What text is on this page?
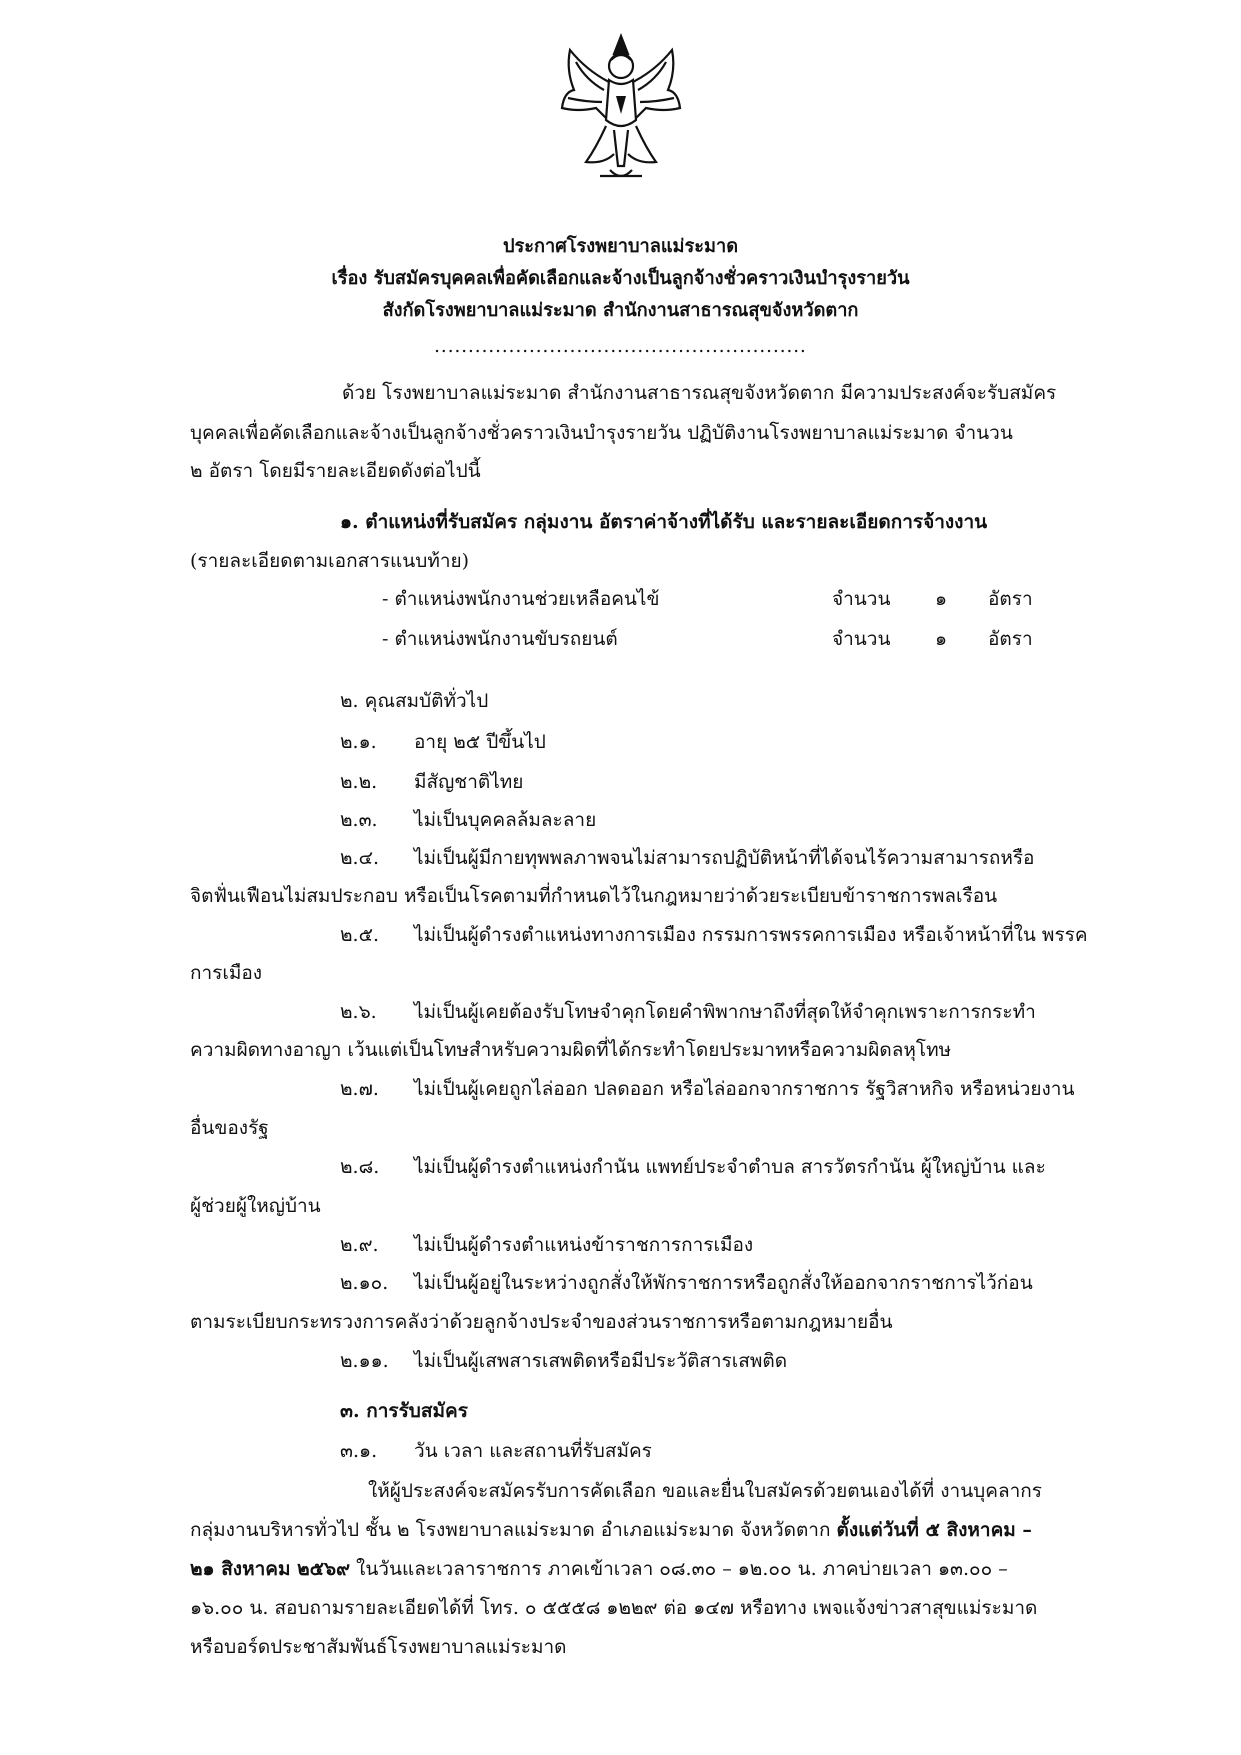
ประกาศโรงพยาบาลแม่ระมาด
เรื่อง รับสมัครบุคคลเพื่อคัดเลือกและจ้างเป็นลูกจ้างชั่วคราวเงินบำรุงรายวัน
สังกัดโรงพยาบาลแม่ระมาด สำนักงานสาธารณสุขจังหวัดตาก
.......................................................
ด้วย โรงพยาบาลแม่ระมาด สำนักงานสาธารณสุขจังหวัดตาก มีความประสงค์จะรับสมัคร
บุคคลเพื่อคัดเลือกและจ้างเป็นลูกจ้างชั่วคราวเงินบำรุงรายวัน ปฏิบัติงานโรงพยาบาลแม่ระมาด จำนวน
๒ อัตรา โดยมีรายละเอียดดังต่อไปนี้
๑. ตำแหน่งที่รับสมัคร กลุ่มงาน อัตราค่าจ้างที่ได้รับ และรายละเอียดการจ้างงาน
(รายละเอียดตามเอกสารแนบท้าย)
- ตำแหน่งพนักงานช่วยเหลือคนไข้	จำนวน ๑ อัตรา
- ตำแหน่งพนักงานขับรถยนต์	จำนวน ๑ อัตรา
๒. คุณสมบัติทั่วไป
๒.๑. อายุ ๒๕ ปีขึ้นไป
๒.๒. มีสัญชาติไทย
๒.๓. ไม่เป็นบุคคลล้มละลาย
๒.๔. ไม่เป็นผู้มีกายทุพพลภาพจนไม่สามารถปฏิบัติหน้าที่ได้จนไร้ความสามารถหรือ
จิตฟั่นเฟือนไม่สมประกอบ หรือเป็นโรคตามที่กำหนดไว้ในกฎหมายว่าด้วยระเบียบข้าราชการพลเรือน
๒.๕. ไม่เป็นผู้ดำรงตำแหน่งทางการเมือง กรรมการพรรคการเมือง หรือเจ้าหน้าที่ใน พรรค
การเมือง
๒.๖. ไม่เป็นผู้เคยต้องรับโทษจำคุกโดยคำพิพากษาถึงที่สุดให้จำคุกเพราะการกระทำ
ความผิดทางอาญา เว้นแต่เป็นโทษสำหรับความผิดที่ได้กระทำโดยประมาทหรือความผิดลหุโทษ
๒.๗. ไม่เป็นผู้เคยถูกไล่ออก ปลดออก หรือไล่ออกจากราชการ รัฐวิสาหกิจ หรือหน่วยงาน
อื่นของรัฐ
๒.๘. ไม่เป็นผู้ดำรงตำแหน่งกำนัน แพทย์ประจำตำบล สารวัตรกำนัน ผู้ใหญ่บ้าน และ
ผู้ช่วยผู้ใหญ่บ้าน
๒.๙. ไม่เป็นผู้ดำรงตำแหน่งข้าราชการการเมือง
๒.๑๐. ไม่เป็นผู้อยู่ในระหว่างถูกสั่งให้พักราชการหรือถูกสั่งให้ออกจากราชการไว้ก่อน
ตามระเบียบกระทรวงการคลังว่าด้วยลูกจ้างประจำของส่วนราชการหรือตามกฎหมายอื่น
๒.๑๑. ไม่เป็นผู้เสพสารเสพติดหรือมีประวัติสารเสพติด
๓. การรับสมัคร
๓.๑. วัน เวลา และสถานที่รับสมัคร
ให้ผู้ประสงค์จะสมัครรับการคัดเลือก ขอและยื่นใบสมัครด้วยตนเองได้ที่ งานบุคลากร
กลุ่มงานบริหารทั่วไป ชั้น ๒ โรงพยาบาลแม่ระมาด อำเภอแม่ระมาด จังหวัดตาก ตั้งแต่วันที่ ๕ สิงหาคม –
๒๑ สิงหาคม ๒๕๖๙ ในวันและเวลาราชการ ภาคเข้าเวลา ๐๘.๓๐ – ๑๒.๐๐ น. ภาคบ่ายเวลา ๑๓.๐๐ –
๑๖.๐๐ น. สอบถามรายละเอียดได้ที่ โทร. ๐ ๕๕๕๘ ๑๒๒๙ ต่อ ๑๔๗ หรือทาง เพจแจ้งข่าวสาสุขแม่ระมาด
หรือบอร์ดประชาสัมพันธ์โรงพยาบาลแม่ระมาด
